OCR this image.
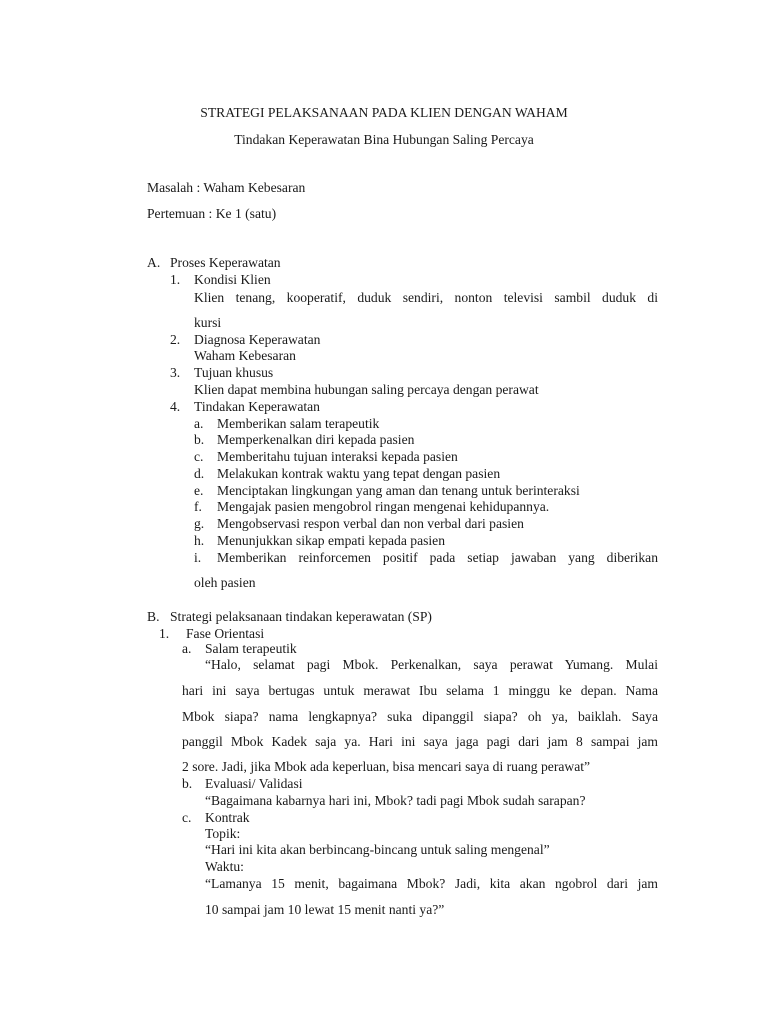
STRATEGI PELAKSANAAN PADA KLIEN DENGAN WAHAM
Tindakan Keperawatan Bina Hubungan Saling Percaya
Masalah : Waham Kebesaran
Pertemuan : Ke 1 (satu)
A. Proses Keperawatan
1. Kondisi Klien
Klien tenang, kooperatif, duduk sendiri, nonton televisi sambil duduk di
kursi
2. Diagnosa Keperawatan
Waham Kebesaran
3. Tujuan khusus
Klien dapat membina hubungan saling percaya dengan perawat
4. Tindakan Keperawatan
a. Memberikan salam terapeutik
b. Memperkenalkan diri kepada pasien
c. Memberitahu tujuan interaksi kepada pasien
d. Melakukan kontrak waktu yang tepat dengan pasien
e. Menciptakan lingkungan yang aman dan tenang untuk berinteraksi
f. Mengajak pasien mengobrol ringan mengenai kehidupannya.
g. Mengobservasi respon verbal dan non verbal dari pasien
h. Menunjukkan sikap empati kepada pasien
i. Memberikan reinforcemen positif pada setiap jawaban yang diberikan
oleh pasien
B. Strategi pelaksanaan tindakan keperawatan (SP)
1. Fase Orientasi
a. Salam terapeutik
“Halo, selamat pagi Mbok. Perkenalkan, saya perawat Yumang. Mulai
hari ini saya bertugas untuk merawat Ibu selama 1 minggu ke depan. Nama
Mbok siapa? nama lengkapnya? suka dipanggil siapa? oh ya, baiklah. Saya
panggil Mbok Kadek saja ya. Hari ini saya jaga pagi dari jam 8 sampai jam
2 sore. Jadi, jika Mbok ada keperluan, bisa mencari saya di ruang perawat”
b. Evaluasi/ Validasi
“Bagaimana kabarnya hari ini, Mbok? tadi pagi Mbok sudah sarapan?
c. Kontrak
Topik:
“Hari ini kita akan berbincang-bincang untuk saling mengenal”
Waktu:
“Lamanya 15 menit, bagaimana Mbok? Jadi, kita akan ngobrol dari jam
10 sampai jam 10 lewat 15 menit nanti ya?”
